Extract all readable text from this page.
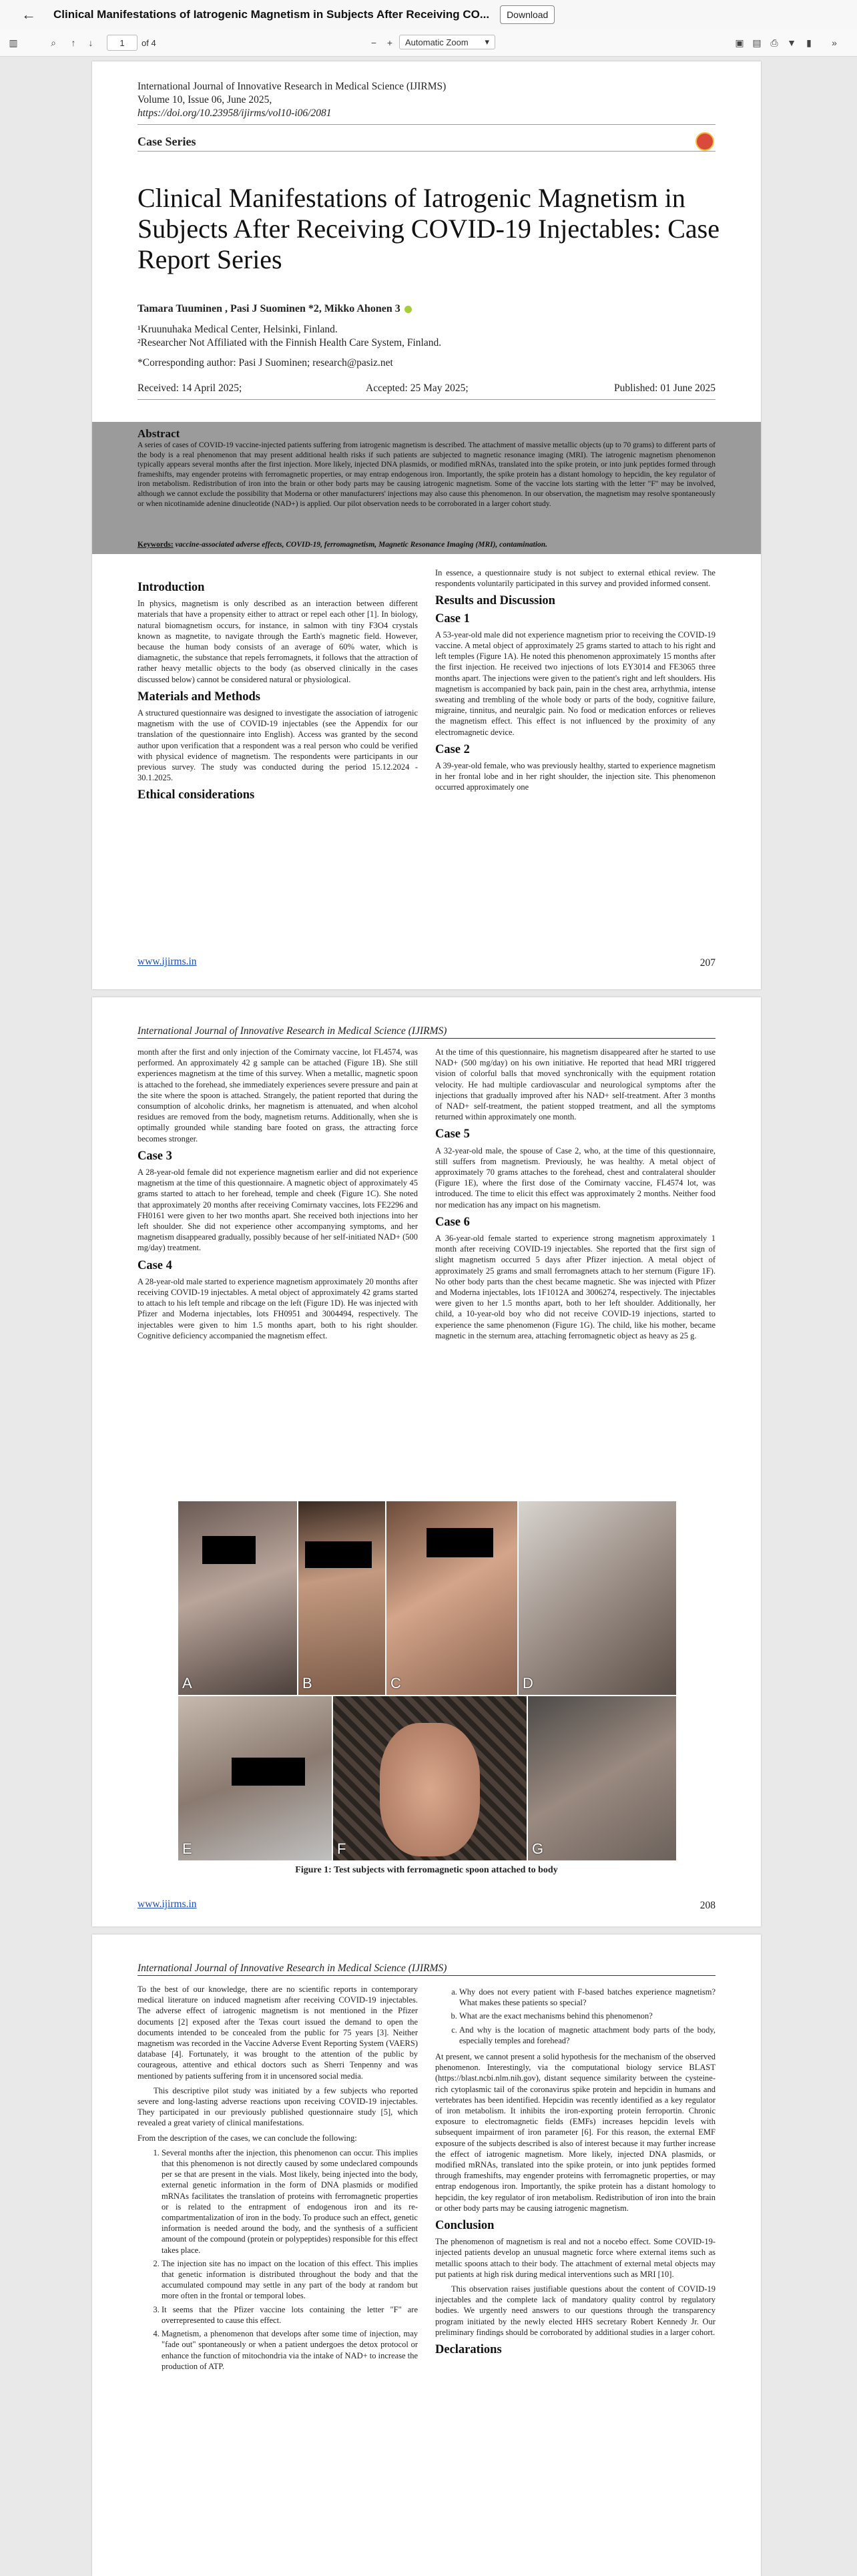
←	Clinical Manifestations of Iatrogenic Magnetism in Subjects After Receiving CO...	Download
▥	⌕	↑	↓	1	of 4	−	+	Automatic Zoom ▾	▣ ▤ ⎙ ▼	▮	»
International Journal of Innovative Research in Medical Science (IJIRMS)
Volume 10, Issue 06, June 2025,
https://doi.org/10.23958/ijirms/vol10-i06/2081
Case Series
Clinical Manifestations of Iatrogenic Magnetism in Subjects After Receiving COVID-19 Injectables: Case Report Series
Tamara Tuuminen , Pasi J Suominen *2, Mikko Ahonen 3
¹Kruunuhaka Medical Center, Helsinki, Finland.
²Researcher Not Affiliated with the Finnish Health Care System, Finland.
*Corresponding author: Pasi J Suominen; research@pasiz.net
Received: 14 April 2025;	Accepted: 25 May 2025;	Published: 01 June 2025
Abstract
A series of cases of COVID-19 vaccine-injected patients suffering from iatrogenic magnetism is described. The attachment of massive metallic objects (up to 70 grams) to different parts of the body is a real phenomenon that may present additional health risks if such patients are subjected to magnetic resonance imaging (MRI). The iatrogenic magnetism phenomenon typically appears several months after the first injection. More likely, injected DNA plasmids, or modified mRNAs, translated into the spike protein, or into junk peptides formed through frameshifts, may engender proteins with ferromagnetic properties, or may entrap endogenous iron. Importantly, the spike protein has a distant homology to hepcidin, the key regulator of iron metabolism. Redistribution of iron into the brain or other body parts may be causing iatrogenic magnetism. Some of the vaccine lots starting with the letter "F" may be involved, although we cannot exclude the possibility that Moderna or other manufacturers' injections may also cause this phenomenon. In our observation, the magnetism may resolve spontaneously or when nicotinamide adenine dinucleotide (NAD+) is applied. Our pilot observation needs to be corroborated in a larger cohort study.
Keywords: vaccine-associated adverse effects, COVID-19, ferromagnetism, Magnetic Resonance Imaging (MRI), contamination.
Introduction

In physics, magnetism is only described as an interaction between different materials that have a propensity either to attract or repel each other [1]. In biology, natural biomagnetism occurs, for instance, in salmon with tiny F3O4 crystals known as magnetite, to navigate through the Earth's magnetic field. However, because the human body consists of an average of 60% water, which is diamagnetic, the substance that repels ferromagnets, it follows that the attraction of rather heavy metallic objects to the body (as observed clinically in the cases discussed below) cannot be considered natural or physiological.

Materials and Methods

A structured questionnaire was designed to investigate the association of iatrogenic magnetism with the use of COVID-19 injectables (see the Appendix for our translation of the questionnaire into English). Access was granted by the second author upon verification that a respondent was a real person who could be verified with physical evidence of magnetism. The respondents were participants in our previous survey. The study was conducted during the period 15.12.2024 - 30.1.2025.

Ethical considerations

In essence, a questionnaire study is not subject to external ethical review. The respondents voluntarily participated in this survey and provided informed consent.

Results and Discussion
Case 1

A 53-year-old male did not experience magnetism prior to receiving the COVID-19 vaccine. A metal object of approximately 25 grams started to attach to his right and left temples (Figure 1A). He noted this phenomenon approximately 15 months after the first injection. He received two injections of lots EY3014 and FE3065 three months apart. The injections were given to the patient's right and left shoulders. His magnetism is accompanied by back pain, pain in the chest area, arrhythmia, intense sweating and trembling of the whole body or parts of the body, cognitive failure, migraine, tinnitus, and neuralgic pain. No food or medication enforces or relieves the magnetism effect. This effect is not influenced by the proximity of any electromagnetic device.

Case 2

A 39-year-old female, who was previously healthy, started to experience magnetism in her frontal lobe and in her right shoulder, the injection site. This phenomenon occurred approximately one

www.ijirms.in	207
International Journal of Innovative Research in Medical Science (IJIRMS)

month after the first and only injection of the Comirnaty vaccine, lot FL4574, was performed. An approximately 42 g sample can be attached (Figure 1B). She still experiences magnetism at the time of this survey. When a metallic, magnetic spoon is attached to the forehead, she immediately experiences severe pressure and pain at the site where the spoon is attached. Strangely, the patient reported that during the consumption of alcoholic drinks, her magnetism is attenuated, and when alcohol residues are removed from the body, magnetism returns. Additionally, when she is optimally grounded while standing bare footed on grass, the attracting force becomes stronger.

Case 3

A 28-year-old female did not experience magnetism earlier and did not experience magnetism at the time of this questionnaire. A magnetic object of approximately 45 grams started to attach to her forehead, temple and cheek (Figure 1C). She noted that approximately 20 months after receiving Comirnaty vaccines, lots FE2296 and FH0161 were given to her two months apart. She received both injections into her left shoulder. She did not experience other accompanying symptoms, and her magnetism disappeared gradually, possibly because of her self-initiated NAD+ (500 mg/day) treatment.

Case 4

A 28-year-old male started to experience magnetism approximately 20 months after receiving COVID-19 injectables. A metal object of approximately 42 grams started to attach to his left temple and ribcage on the left (Figure 1D). He was injected with Pfizer and Moderna injectables, lots FH0951 and 3004494, respectively. The injectables were given to him 1.5 months apart, both to his right shoulder. Cognitive deficiency accompanied the magnetism effect.

At the time of this questionnaire, his magnetism disappeared after he started to use NAD+ (500 mg/day) on his own initiative. He reported that head MRI triggered vision of colorful balls that moved synchronically with the equipment rotation velocity. He had multiple cardiovascular and neurological symptoms after the injections that gradually improved after his NAD+ self-treatment. After 3 months of NAD+ self-treatment, the patient stopped treatment, and all the symptoms returned within approximately one month.

Case 5

A 32-year-old male, the spouse of Case 2, who, at the time of this questionnaire, still suffers from magnetism. Previously, he was healthy. A metal object of approximately 70 grams attaches to the forehead, chest and contralateral shoulder (Figure 1E), where the first dose of the Comirnaty vaccine, FL4574 lot, was introduced. The time to elicit this effect was approximately 2 months. Neither food nor medication has any impact on his magnetism.

Case 6

A 36-year-old female started to experience strong magnetism approximately 1 month after receiving COVID-19 injectables. She reported that the first sign of slight magnetism occurred 5 days after Pfizer injection. A metal object of approximately 25 grams and small ferromagnets attach to her sternum (Figure 1F). No other body parts than the chest became magnetic. She was injected with Pfizer and Moderna injectables, lots 1F1012A and 3006274, respectively. The injectables were given to her 1.5 months apart, both to her left shoulder. Additionally, her child, a 10-year-old boy who did not receive COVID-19 injections, started to experience the same phenomenon (Figure 1G). The child, like his mother, became magnetic in the sternum area, attaching ferromagnetic object as heavy as 25 g.

A	B	C	D
E	F	G
Figure 1: Test subjects with ferromagnetic spoon attached to body
www.ijirms.in	208
International Journal of Innovative Research in Medical Science (IJIRMS)

To the best of our knowledge, there are no scientific reports in contemporary medical literature on induced magnetism after receiving COVID-19 injectables. The adverse effect of iatrogenic magnetism is not mentioned in the Pfizer documents [2] exposed after the Texas court issued the demand to open the documents intended to be concealed from the public for 75 years [3]. Neither magnetism was recorded in the Vaccine Adverse Event Reporting System (VAERS) database [4]. Fortunately, it was brought to the attention of the public by courageous, attentive and ethical doctors such as Sherri Tenpenny and was mentioned by patients suffering from it in uncensored social media.

This descriptive pilot study was initiated by a few subjects who reported severe and long-lasting adverse reactions upon receiving COVID-19 injectables. They participated in our previously published questionnaire study [5], which revealed a great variety of clinical manifestations.

From the description of the cases, we can conclude the following:

1. Several months after the injection, this phenomenon can occur. This implies that this phenomenon is not directly caused by some undeclared compounds per se that are present in the vials. Most likely, being injected into the body, external genetic information in the form of DNA plasmids or modified mRNAs facilitates the translation of proteins with ferromagnetic properties or is related to the entrapment of endogenous iron and its re-compartmentalization of iron in the body. To produce such an effect, genetic information is needed around the body, and the synthesis of a sufficient amount of the compound (protein or polypeptides) responsible for this effect takes place.
2. The injection site has no impact on the location of this effect. This implies that genetic information is distributed throughout the body and that the accumulated compound may settle in any part of the body at random but more often in the frontal or temporal lobes.
3. It seems that the Pfizer vaccine lots containing the letter "F" are overrepresented to cause this effect.
4. Magnetism, a phenomenon that develops after some time of injection, may "fade out" spontaneously or when a patient undergoes the detox protocol or enhance the function of mitochondria via the intake of NAD+ to increase the production of ATP.
a. Why does not every patient with F-based batches experience magnetism? What makes these patients so special?
b. What are the exact mechanisms behind this phenomenon?
c. And why is the location of magnetic attachment body parts of the body, especially temples and forehead?

At present, we cannot present a solid hypothesis for the mechanism of the observed phenomenon. Interestingly, via the computational biology service BLAST (https://blast.ncbi.nlm.nih.gov), distant sequence similarity between the cysteine-rich cytoplasmic tail of the coronavirus spike protein and hepcidin in humans and vertebrates has been identified. Hepcidin was recently identified as a key regulator of iron metabolism. It inhibits the iron-exporting protein ferroportin. Chronic exposure to electromagnetic fields (EMFs) increases hepcidin levels with subsequent impairment of iron parameter [6]. For this reason, the external EMF exposure of the subjects described is also of interest because it may further increase the effect of iatrogenic magnetism. More likely, injected DNA plasmids, or modified mRNAs, translated into the spike protein, or into junk peptides formed through frameshifts, may engender proteins with ferromagnetic properties, or may entrap endogenous iron. Importantly, the spike protein has a distant homology to hepcidin, the key regulator of iron metabolism. Redistribution of iron into the brain or other body parts may be causing iatrogenic magnetism.

Conclusion

The phenomenon of magnetism is real and not a nocebo effect. Some COVID-19-injected patients develop an unusual magnetic force where external items such as metallic spoons attach to their body. The attachment of external metal objects may put patients at high risk during medical interventions such as MRI [10].

This observation raises justifiable questions about the content of COVID-19 injectables and the complete lack of mandatory quality control by regulatory bodies. We urgently need answers to our questions through the transparency program initiated by the newly elected HHS secretary Robert Kennedy Jr. Our preliminary findings should be corroborated by additional studies in a larger cohort.

Declarations
